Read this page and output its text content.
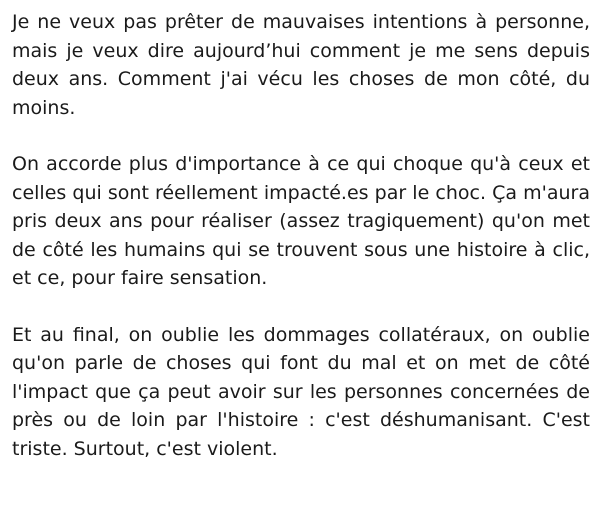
Je ne veux pas prêter de mauvaises intentions à personne, mais je veux dire aujourd’hui comment je me sens depuis deux ans. Comment j'ai vécu les choses de mon côté, du moins.

On accorde plus d'importance à ce qui choque qu'à ceux et celles qui sont réellement impacté.es par le choc. Ça m'aura pris deux ans pour réaliser (assez tragiquement) qu'on met de côté les humains qui se trouvent sous une histoire à clic, et ce, pour faire sensation.

Et au final, on oublie les dommages collatéraux, on oublie qu'on parle de choses qui font du mal et on met de côté l'impact que ça peut avoir sur les personnes concernées de près ou de loin par l'histoire : c'est déshumanisant. C'est triste. Surtout, c'est violent.
